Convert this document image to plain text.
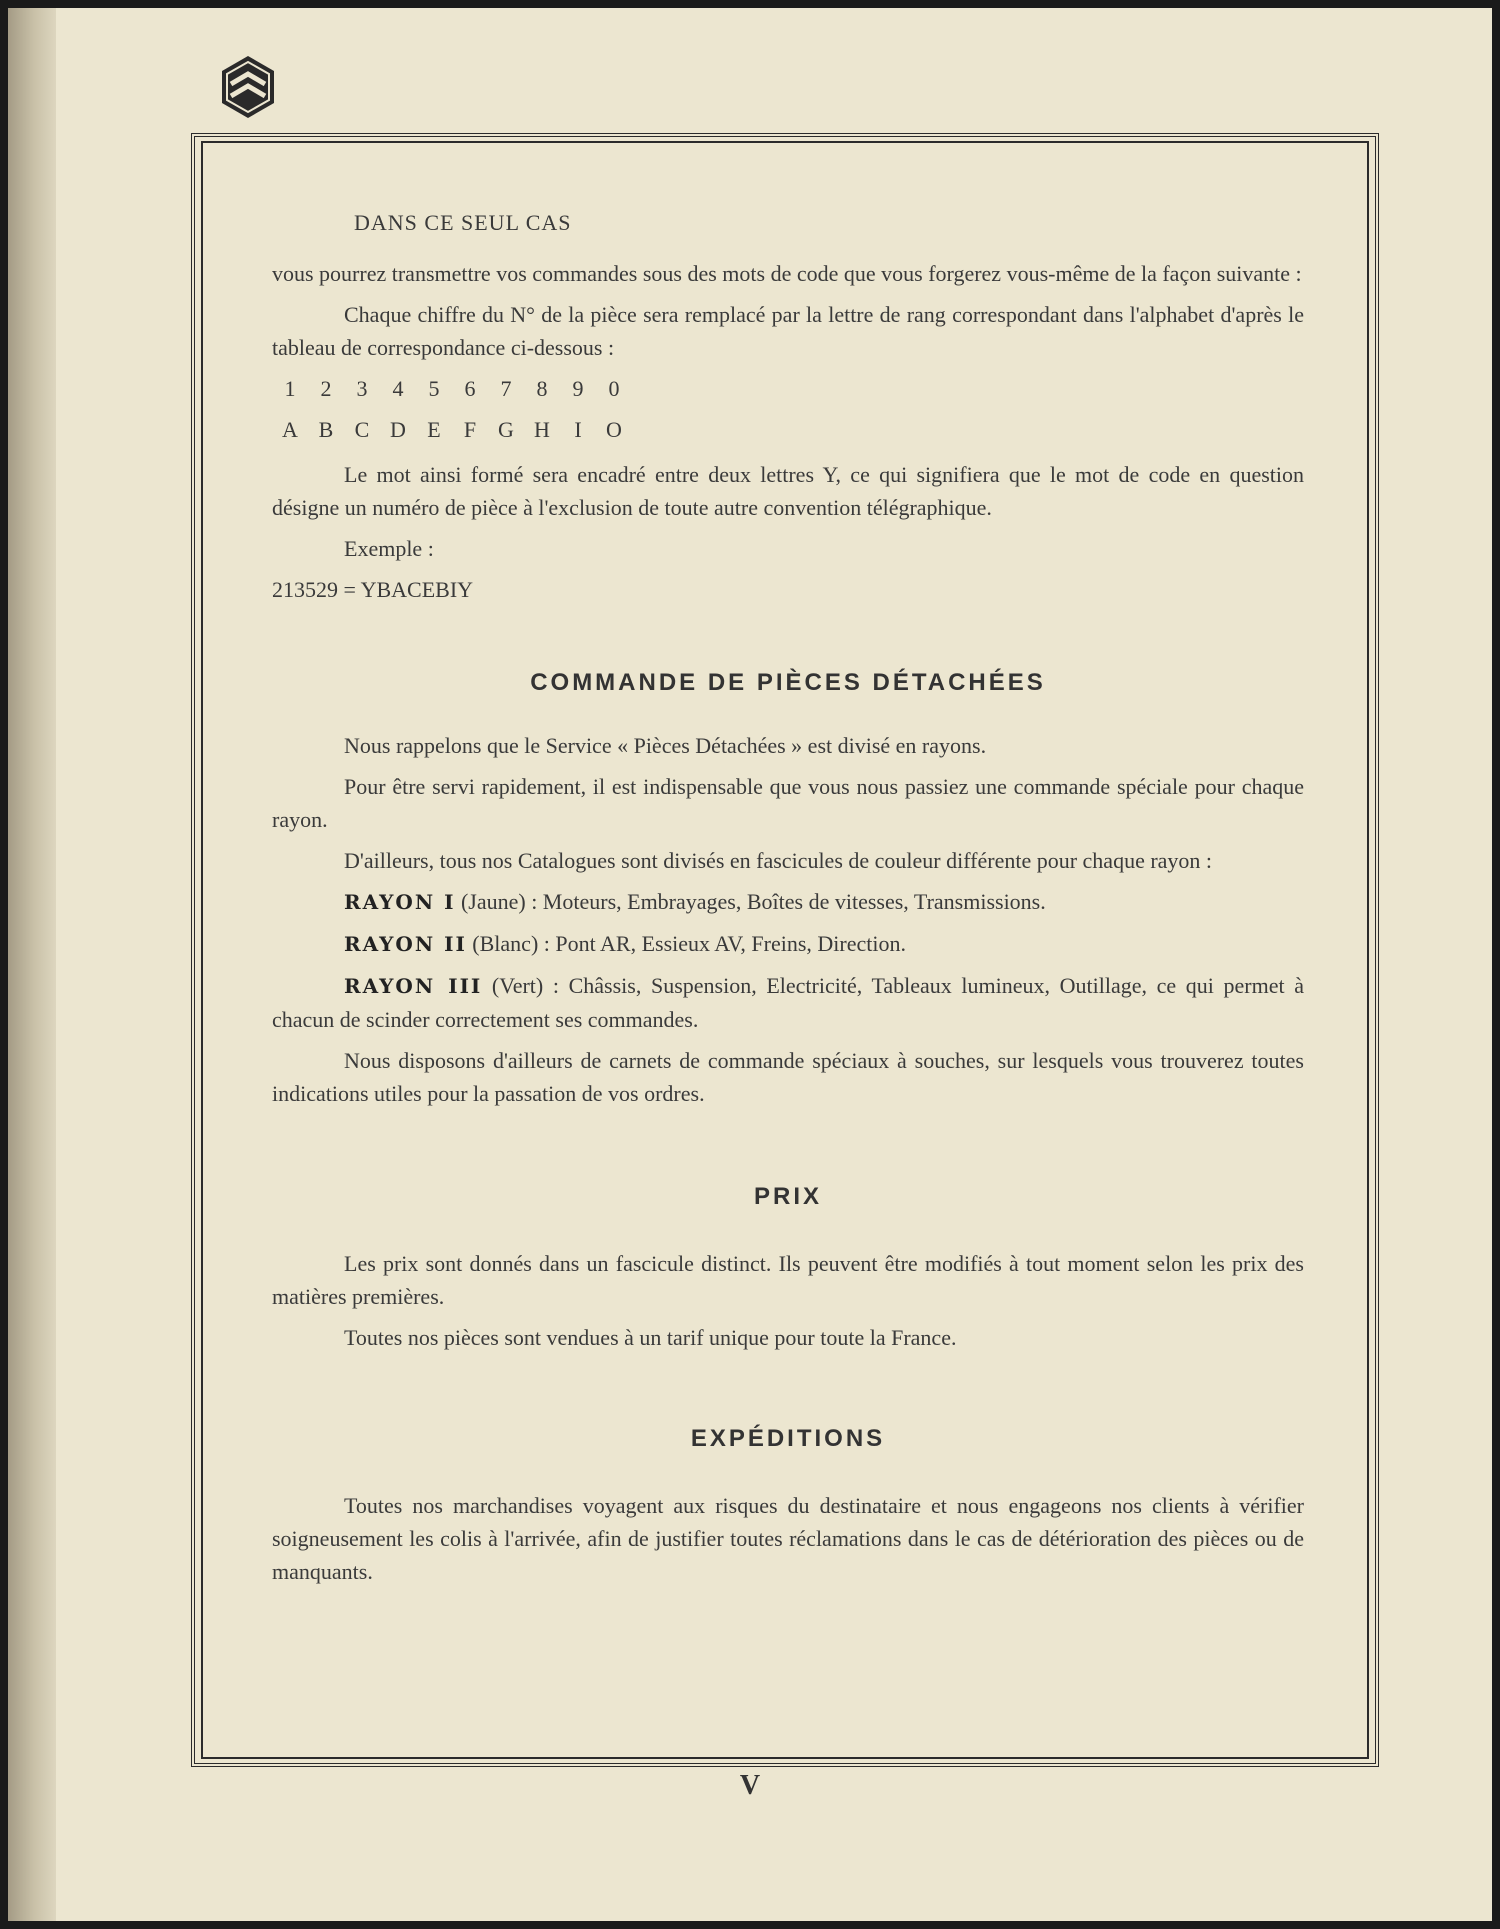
DANS CE SEUL CAS

vous pourrez transmettre vos commandes sous des mots de code que vous forgerez vous-même de la façon suivante :

Chaque chiffre du N° de la pièce sera remplacé par la lettre de rang correspondant dans l'alphabet d'après le tableau de correspondance ci-dessous :

1 2 3 4 5 6 7 8 9 0

A B C D E F G H I O

Le mot ainsi formé sera encadré entre deux lettres Y, ce qui signifiera que le mot de code en question désigne un numéro de pièce à l'exclusion de toute autre convention télégraphique.

Exemple :

213529 = YBACEBIY

COMMANDE DE PIÈCES DÉTACHÉES

Nous rappelons que le Service « Pièces Détachées » est divisé en rayons.

Pour être servi rapidement, il est indispensable que vous nous passiez une commande spéciale pour chaque rayon.

D'ailleurs, tous nos Catalogues sont divisés en fascicules de couleur différente pour chaque rayon :

RAYON I (Jaune) : Moteurs, Embrayages, Boîtes de vitesses, Transmissions.

RAYON II (Blanc) : Pont AR, Essieux AV, Freins, Direction.

RAYON III (Vert) : Châssis, Suspension, Electricité, Tableaux lumineux, Outillage, ce qui permet à chacun de scinder correctement ses commandes.

Nous disposons d'ailleurs de carnets de commande spéciaux à souches, sur lesquels vous trouverez toutes indications utiles pour la passation de vos ordres.

PRIX

Les prix sont donnés dans un fascicule distinct. Ils peuvent être modifiés à tout moment selon les prix des matières premières.

Toutes nos pièces sont vendues à un tarif unique pour toute la France.

EXPÉDITIONS

Toutes nos marchandises voyagent aux risques du destinataire et nous engageons nos clients à vérifier soigneusement les colis à l'arrivée, afin de justifier toutes réclamations dans le cas de détérioration des pièces ou de manquants.

V
